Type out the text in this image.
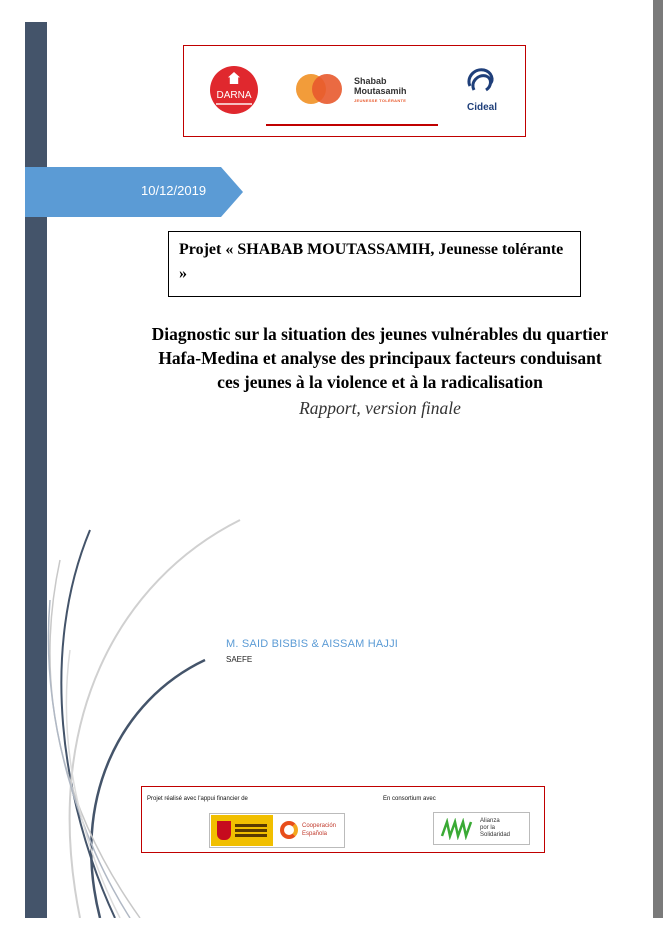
DARNA
Shabab
Moutasamih
JEUNESSE TOLÉRANTE
Cideal
10/12/2019
Projet « SHABAB MOUTASSAMIH, Jeunesse tolérante »
Diagnostic sur la situation des jeunes vulnérables du quartier
Hafa-Medina et analyse des principaux facteurs conduisant
ces jeunes à la violence et à la radicalisation
Rapport, version finale
M. SAID BISBIS & AISSAM HAJJI
SAEFE
Projet réalisé avec l'appui financier de	En consortium avec
Cooperación
Española
Alianza
por la
Solidaridad
